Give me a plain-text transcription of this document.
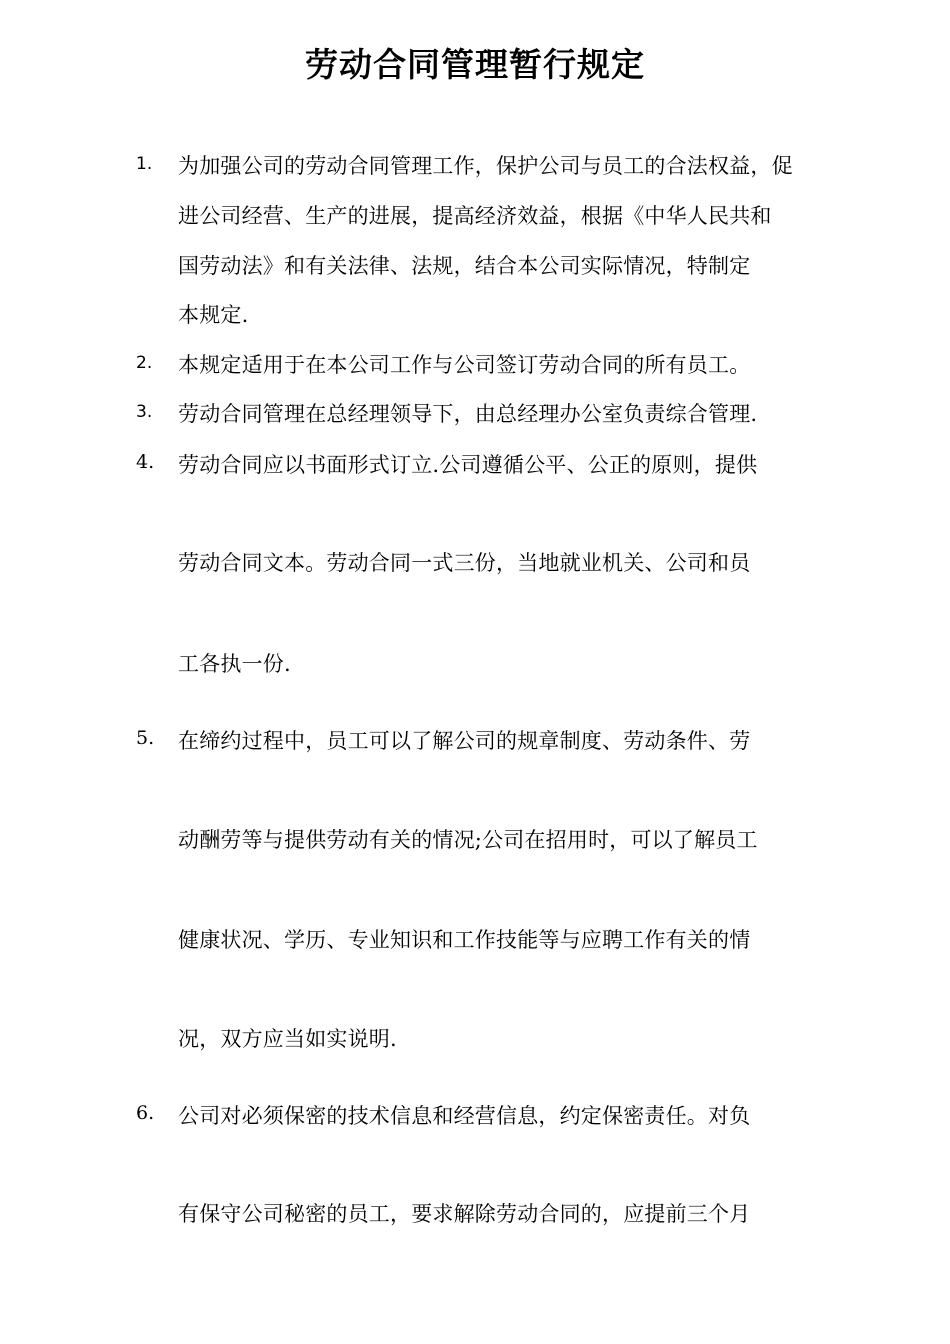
劳动合同管理暂行规定
1.	为加强公司的劳动合同管理工作，保护公司与员工的合法权益，促
进公司经营、生产的进展，提高经济效益，根据《中华人民共和
国劳动法》和有关法律、法规，结合本公司实际情况，特制定
本规定.
2.	本规定适用于在本公司工作与公司签订劳动合同的所有员工。
3.	劳动合同管理在总经理领导下，由总经理办公室负责综合管理.
4.	劳动合同应以书面形式订立.公司遵循公平、公正的原则，提供
劳动合同文本。劳动合同一式三份，当地就业机关、公司和员
工各执一份.
5.	在缔约过程中，员工可以了解公司的规章制度、劳动条件、劳
动酬劳等与提供劳动有关的情况;公司在招用时，可以了解员工
健康状况、学历、专业知识和工作技能等与应聘工作有关的情
况，双方应当如实说明.
6.	公司对必须保密的技术信息和经营信息，约定保密责任。对负
有保守公司秘密的员工，要求解除劳动合同的，应提前三个月
